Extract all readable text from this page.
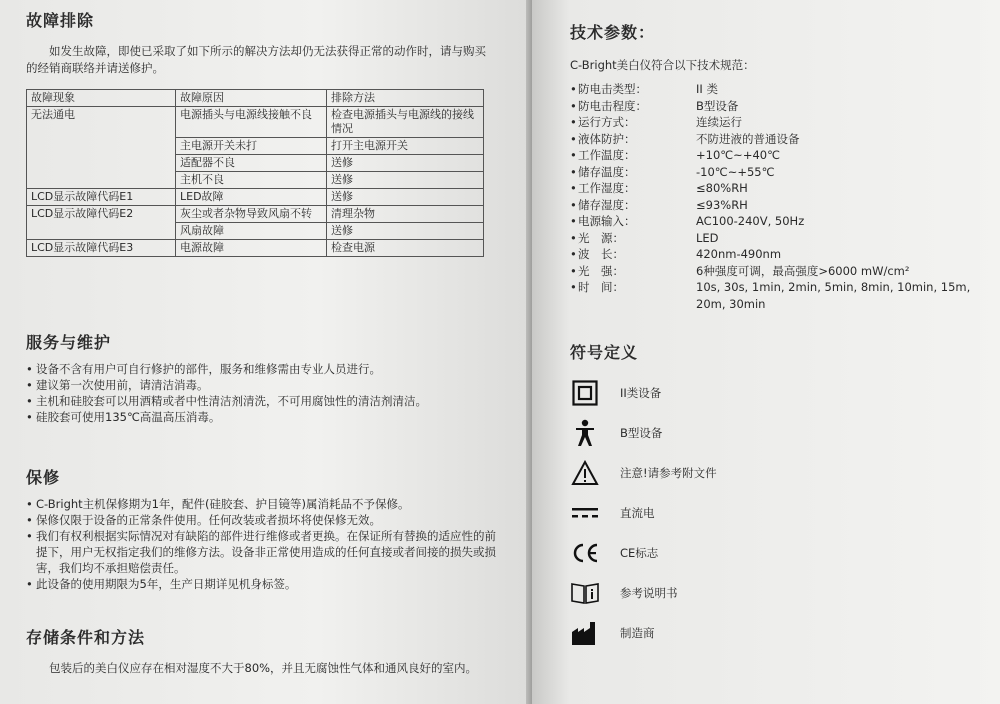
故障排除

如发生故障，即使已采取了如下所示的解决方法却仍无法获得正常的动作时，请与购买的经销商联络并请送修护。

故障现象	故障原因	排除方法
无法通电	电源插头与电源线接触不良	检查电源插头与电源线的接线情况
	主电源开关未打	打开主电源开关
	适配器不良	送修
	主机不良	送修
LCD显示故障代码E1	LED故障	送修
LCD显示故障代码E2	灰尘或者杂物导致风扇不转	清理杂物
	风扇故障	送修
LCD显示故障代码E3	电源故障	检查电源
服务与维护
• 设备不含有用户可自行修护的部件，服务和维修需由专业人员进行。
• 建议第一次使用前，请清洁消毒。
• 主机和硅胶套可以用酒精或者中性清洁剂清洗，不可用腐蚀性的清洁剂清洁。
• 硅胶套可使用135℃高温高压消毒。
保修
• C-Bright主机保修期为1年，配件(硅胶套、护目镜等)属消耗品不予保修。
• 保修仅限于设备的正常条件使用。任何改装或者损坏将使保修无效。
• 我们有权利根据实际情况对有缺陷的部件进行维修或者更换。在保证所有替换的适应性的前提下，用户无权指定我们的维修方法。设备非正常使用造成的任何直接或者间接的损失或损害，我们均不承担赔偿责任。
• 此设备的使用期限为5年，生产日期详见机身标签。
存储条件和方法

包装后的美白仪应存在相对湿度不大于80%，并且无腐蚀性气体和通风良好的室内。

技术参数：
C-Bright美白仪符合以下技术规范：
• 防电击类型：	II 类
• 防电击程度：	B型设备
• 运行方式：	连续运行
• 液体防护：	不防进液的普通设备
• 工作温度：	+10℃~+40℃
• 储存温度：	-10℃~+55℃
• 工作湿度：	≤80%RH
• 储存湿度：	≤93%RH
• 电源输入：	AC100-240V, 50Hz
• 光　源：	LED
• 波　长：	420nm-490nm
• 光　强：	6种强度可调，最高强度>6000 mW/cm²
• 时　间：	10s, 30s, 1min, 2min, 5min, 8min, 10min, 15m, 20m, 30min
符号定义
II类设备
B型设备
注意!请参考附文件
直流电
CE标志
参考说明书
制造商
